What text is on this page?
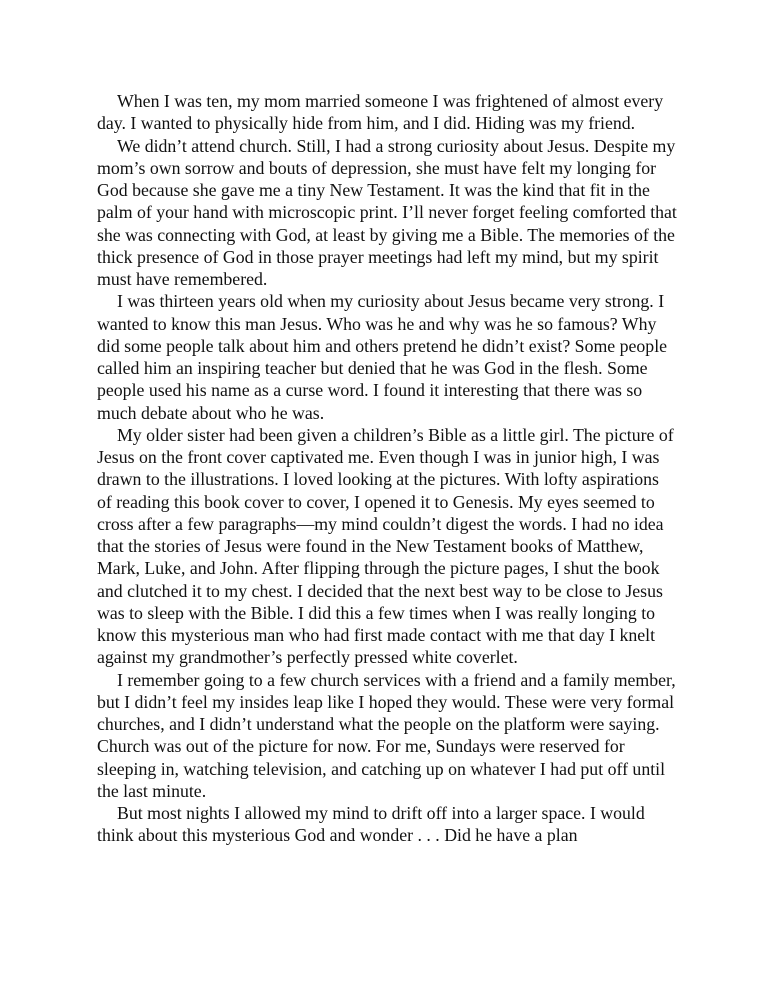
When I was ten, my mom married someone I was frightened of almost every day. I wanted to physically hide from him, and I did. Hiding was my friend.

We didn’t attend church. Still, I had a strong curiosity about Jesus. Despite my mom’s own sorrow and bouts of depression, she must have felt my longing for God because she gave me a tiny New Testament. It was the kind that fit in the palm of your hand with microscopic print. I’ll never forget feeling comforted that she was connecting with God, at least by giving me a Bible. The memories of the thick presence of God in those prayer meetings had left my mind, but my spirit must have remembered.

I was thirteen years old when my curiosity about Jesus became very strong. I wanted to know this man Jesus. Who was he and why was he so famous? Why did some people talk about him and others pretend he didn’t exist? Some people called him an inspiring teacher but denied that he was God in the flesh. Some people used his name as a curse word. I found it interesting that there was so much debate about who he was.

My older sister had been given a children’s Bible as a little girl. The picture of Jesus on the front cover captivated me. Even though I was in junior high, I was drawn to the illustrations. I loved looking at the pictures. With lofty aspirations of reading this book cover to cover, I opened it to Genesis. My eyes seemed to cross after a few paragraphs—my mind couldn’t digest the words. I had no idea that the stories of Jesus were found in the New Testament books of Matthew, Mark, Luke, and John. After flipping through the picture pages, I shut the book and clutched it to my chest. I decided that the next best way to be close to Jesus was to sleep with the Bible. I did this a few times when I was really longing to know this mysterious man who had first made contact with me that day I knelt against my grandmother’s perfectly pressed white coverlet.

I remember going to a few church services with a friend and a family member, but I didn’t feel my insides leap like I hoped they would. These were very formal churches, and I didn’t understand what the people on the platform were saying. Church was out of the picture for now. For me, Sundays were reserved for sleeping in, watching television, and catching up on whatever I had put off until the last minute.

But most nights I allowed my mind to drift off into a larger space. I would think about this mysterious God and wonder . . . Did he have a plan
